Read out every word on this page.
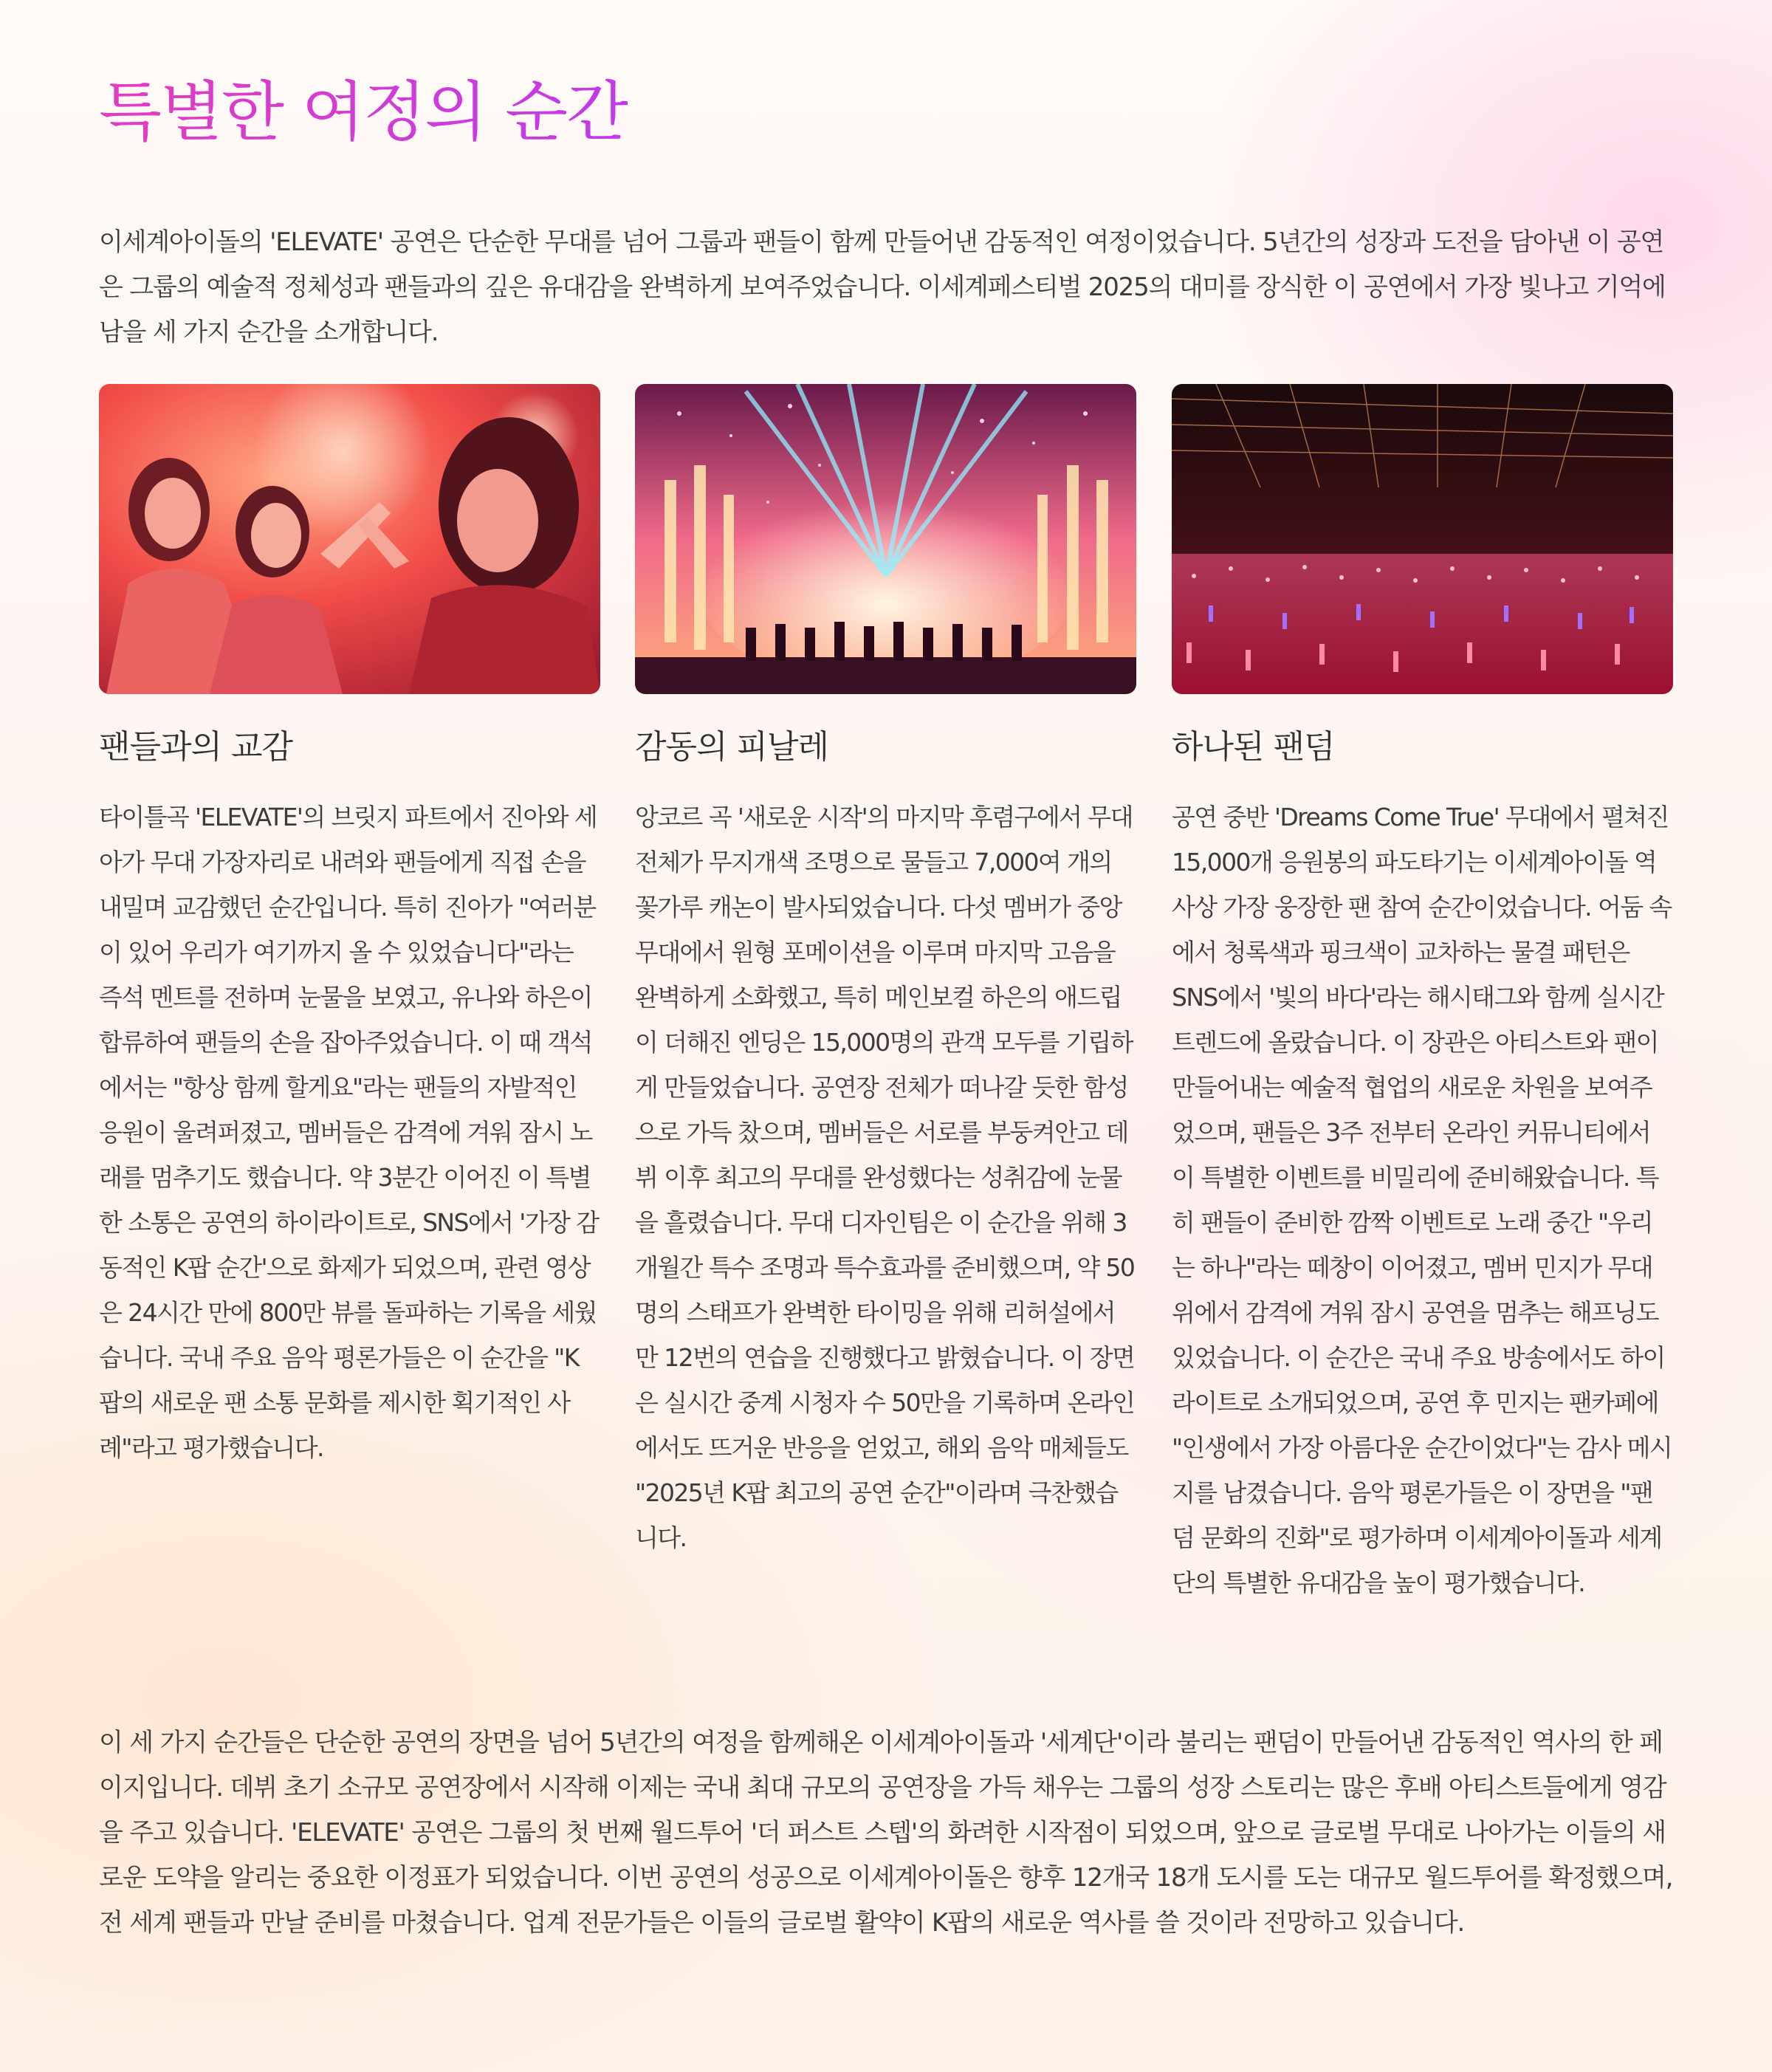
특별한 여정의 순간

이세계아이돌의 'ELEVATE' 공연은 단순한 무대를 넘어 그룹과 팬들이 함께 만들어낸 감동적인 여정이었습니다. 5년간의 성장과 도전을 담아낸 이 공연은 그룹의 예술적 정체성과 팬들과의 깊은 유대감을 완벽하게 보여주었습니다. 이세계페스티벌 2025의 대미를 장식한 이 공연에서 가장 빛나고 기억에 남을 세 가지 순간을 소개합니다.

팬들과의 교감

타이틀곡 'ELEVATE'의 브릿지 파트에서 진아와 세아가 무대 가장자리로 내려와 팬들에게 직접 손을 내밀며 교감했던 순간입니다. 특히 진아가 "여러분이 있어 우리가 여기까지 올 수 있었습니다"라는 즉석 멘트를 전하며 눈물을 보였고, 유나와 하은이 합류하여 팬들의 손을 잡아주었습니다. 이 때 객석에서는 "항상 함께 할게요"라는 팬들의 자발적인 응원이 울려퍼졌고, 멤버들은 감격에 겨워 잠시 노래를 멈추기도 했습니다. 약 3분간 이어진 이 특별한 소통은 공연의 하이라이트로, SNS에서 '가장 감동적인 K팝 순간'으로 화제가 되었으며, 관련 영상은 24시간 만에 800만 뷰를 돌파하는 기록을 세웠습니다. 국내 주요 음악 평론가들은 이 순간을 "K팝의 새로운 팬 소통 문화를 제시한 획기적인 사례"라고 평가했습니다.

감동의 피날레

앙코르 곡 '새로운 시작'의 마지막 후렴구에서 무대 전체가 무지개색 조명으로 물들고 7,000여 개의 꽃가루 캐논이 발사되었습니다. 다섯 멤버가 중앙 무대에서 원형 포메이션을 이루며 마지막 고음을 완벽하게 소화했고, 특히 메인보컬 하은의 애드립이 더해진 엔딩은 15,000명의 관객 모두를 기립하게 만들었습니다. 공연장 전체가 떠나갈 듯한 함성으로 가득 찼으며, 멤버들은 서로를 부둥켜안고 데뷔 이후 최고의 무대를 완성했다는 성취감에 눈물을 흘렸습니다. 무대 디자인팀은 이 순간을 위해 3개월간 특수 조명과 특수효과를 준비했으며, 약 50명의 스태프가 완벽한 타이밍을 위해 리허설에서만 12번의 연습을 진행했다고 밝혔습니다. 이 장면은 실시간 중계 시청자 수 50만을 기록하며 온라인에서도 뜨거운 반응을 얻었고, 해외 음악 매체들도 "2025년 K팝 최고의 공연 순간"이라며 극찬했습니다.

하나된 팬덤

공연 중반 'Dreams Come True' 무대에서 펼쳐진 15,000개 응원봉의 파도타기는 이세계아이돌 역사상 가장 웅장한 팬 참여 순간이었습니다. 어둠 속에서 청록색과 핑크색이 교차하는 물결 패턴은 SNS에서 '빛의 바다'라는 해시태그와 함께 실시간 트렌드에 올랐습니다. 이 장관은 아티스트와 팬이 만들어내는 예술적 협업의 새로운 차원을 보여주었으며, 팬들은 3주 전부터 온라인 커뮤니티에서 이 특별한 이벤트를 비밀리에 준비해왔습니다. 특히 팬들이 준비한 깜짝 이벤트로 노래 중간 "우리는 하나"라는 떼창이 이어졌고, 멤버 민지가 무대 위에서 감격에 겨워 잠시 공연을 멈추는 해프닝도 있었습니다. 이 순간은 국내 주요 방송에서도 하이라이트로 소개되었으며, 공연 후 민지는 팬카페에 "인생에서 가장 아름다운 순간이었다"는 감사 메시지를 남겼습니다. 음악 평론가들은 이 장면을 "팬덤 문화의 진화"로 평가하며 이세계아이돌과 세계단의 특별한 유대감을 높이 평가했습니다.

이 세 가지 순간들은 단순한 공연의 장면을 넘어 5년간의 여정을 함께해온 이세계아이돌과 '세계단'이라 불리는 팬덤이 만들어낸 감동적인 역사의 한 페이지입니다. 데뷔 초기 소규모 공연장에서 시작해 이제는 국내 최대 규모의 공연장을 가득 채우는 그룹의 성장 스토리는 많은 후배 아티스트들에게 영감을 주고 있습니다. 'ELEVATE' 공연은 그룹의 첫 번째 월드투어 '더 퍼스트 스텝'의 화려한 시작점이 되었으며, 앞으로 글로벌 무대로 나아가는 이들의 새로운 도약을 알리는 중요한 이정표가 되었습니다. 이번 공연의 성공으로 이세계아이돌은 향후 12개국 18개 도시를 도는 대규모 월드투어를 확정했으며, 전 세계 팬들과 만날 준비를 마쳤습니다. 업계 전문가들은 이들의 글로벌 활약이 K팝의 새로운 역사를 쓸 것이라 전망하고 있습니다.
